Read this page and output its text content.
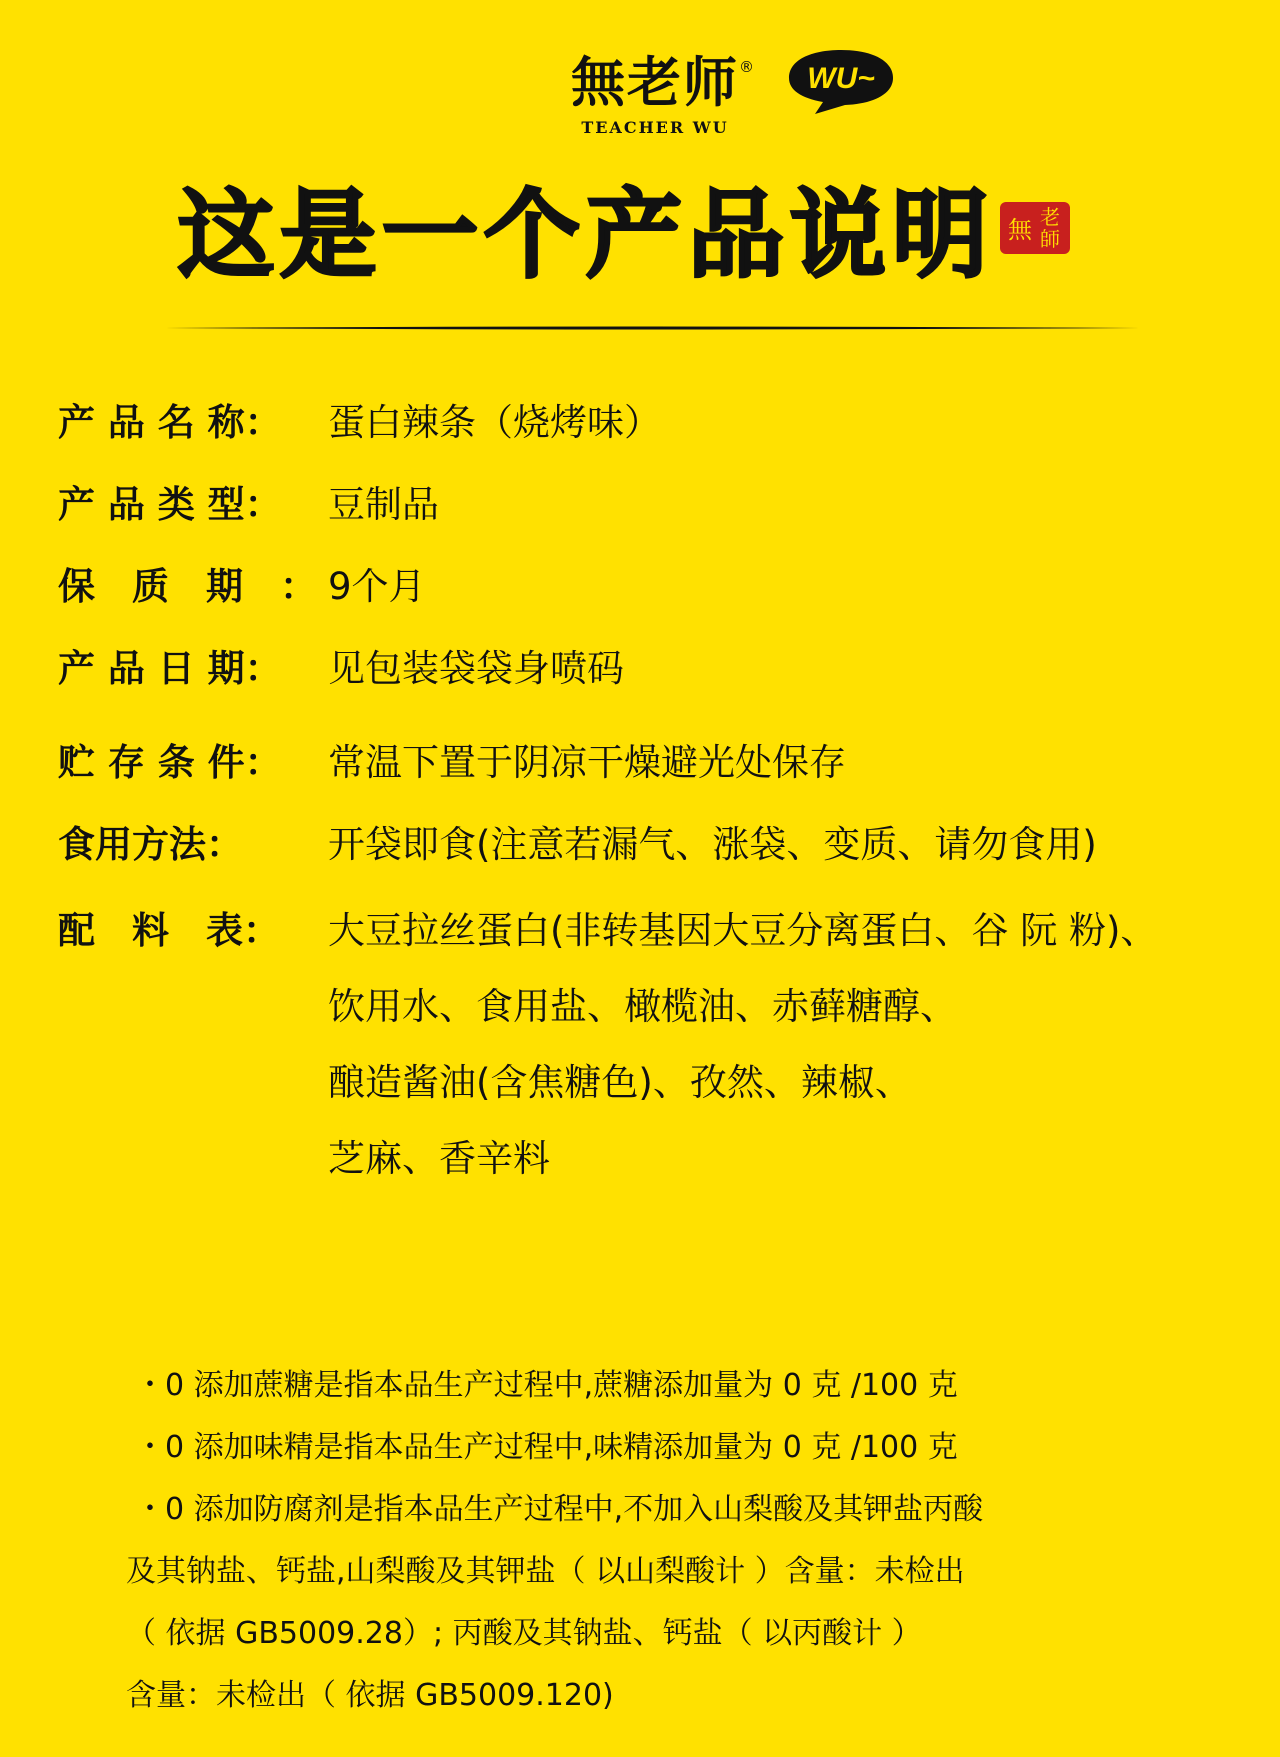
無老师 ®
TEACHER WU
WU~
这是一个产品说明 老
師
無
产 品 名 称： 蛋白辣条（烧烤味）
产 品 类 型： 豆制品
保　质　期　： 9个月
产 品 日 期： 见包装袋袋身喷码
贮 存 条 件： 常温下置于阴凉干燥避光处保存
食用方法： 开袋即食(注意若漏气、涨袋、变质、请勿食用)
配　料　表： 大豆拉丝蛋白(非转基因大豆分离蛋白、谷 阮 粉)、
饮用水、食用盐、橄榄油、赤藓糖醇、
酿造酱油(含焦糖色)、孜然、辣椒、
芝麻、香辛料
・0 添加蔗糖是指本品生产过程中,蔗糖添加量为 0 克 /100 克
・0 添加味精是指本品生产过程中,味精添加量为 0 克 /100 克
・0 添加防腐剂是指本品生产过程中,不加入山梨酸及其钾盐丙酸
及其钠盐、钙盐,山梨酸及其钾盐（ 以山梨酸计 ）含量：未检出
（ 依据 GB5009.28）; 丙酸及其钠盐、钙盐（ 以丙酸计 ）
含量：未检出（ 依据 GB5009.120)
